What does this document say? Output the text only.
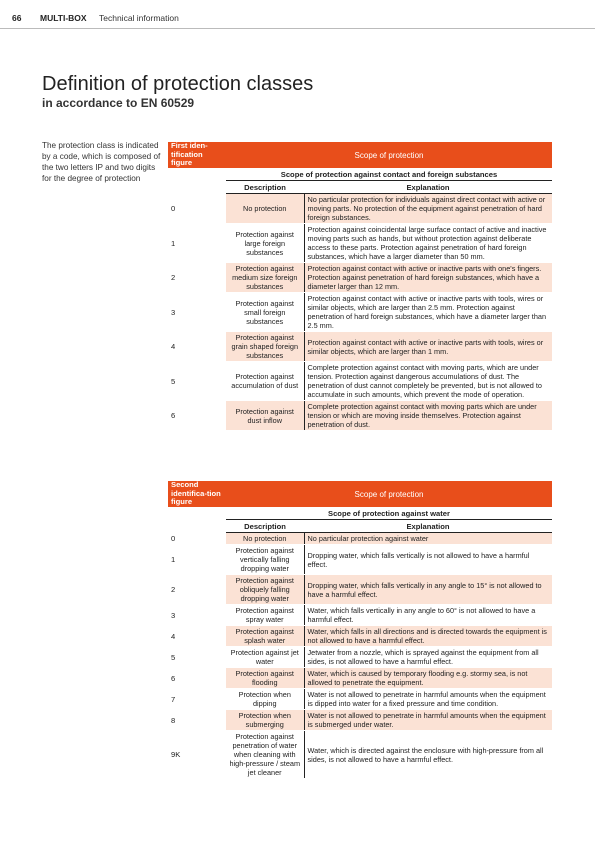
66 MULTI-BOX Technical information
Definition of protection classes
in accordance to EN 60529

The protection class is indicated by a code, which is composed of the two letters IP and two digits for the degree of protection

First iden-tification figure	Scope of protection	
	Scope of protection against contact and foreign substances	
	Description	Explanation
0	No protection	No particular protection for individuals against direct contact with active or moving parts. No protection of the equipment against penetration of hard foreign substances.
1	Protection against large foreign substances	Protection against coincidental large surface contact of active and inactive moving parts such as hands, but without protection against deliberate access to these parts. Protection against penetration of hard foreign substances, which have a larger diameter than 50 mm.
2	Protection against medium size foreign substances	Protection against contact with active or inactive parts with one's fingers. Protection against penetration of hard foreign substances, which have a diameter larger than 12 mm.
3	Protection against small foreign substances	Protection against contact with active or inactive parts with tools, wires or similar objects, which are larger than 2.5 mm. Protection against penetration of hard foreign substances, which have a diameter larger than 2.5 mm.
4	Protection against grain shaped foreign substances	Protection against contact with active or inactive parts with tools, wires or similar objects, which are larger than 1 mm.
5	Protection against accumulation of dust	Complete protection against contact with moving parts, which are under tension. Protection against dangerous accumulations of dust. The penetration of dust cannot completely be prevented, but is not allowed to accumulate in such amounts, which prevent the mode of operation.
6	Protection against dust inflow	Complete protection against contact with moving parts which are under tension or which are moving inside themselves. Protection against penetration of dust.
Second identifica-tion figure	Scope of protection	
	Scope of protection against water	
	Description	Explanation
0	No protection	No particular protection against water
1	Protection against vertically falling dropping water	Dropping water, which falls vertically is not allowed to have a harmful effect.
2	Protection against obliquely falling dropping water	Dropping water, which falls vertically in any angle to 15° is not allowed to have a harmful effect.
3	Protection against spray water	Water, which falls vertically in any angle to 60° is not allowed to have a harmful effect.
4	Protection against splash water	Water, which falls in all directions and is directed towards the equipment is not allowed to have a harmful effect.
5	Protection against jet water	Jetwater from a nozzle, which is sprayed against the equipment from all sides, is not allowed to have a harmful effect.
6	Protection against flooding	Water, which is caused by temporary flooding e.g. stormy sea, is not allowed to penetrate the equipment.
7	Protection when dipping	Water is not allowed to penetrate in harmful amounts when the equipment is dipped into water for a fixed pressure and time condition.
8	Protection when submerging	Water is not allowed to penetrate in harmful amounts when the equipment is submerged under water.
9K	Protection against penetration of water when cleaning with high-pressure / steam jet cleaner	Water, which is directed against the enclosure with high-pressure from all sides, is not allowed to have a harmful effect.
